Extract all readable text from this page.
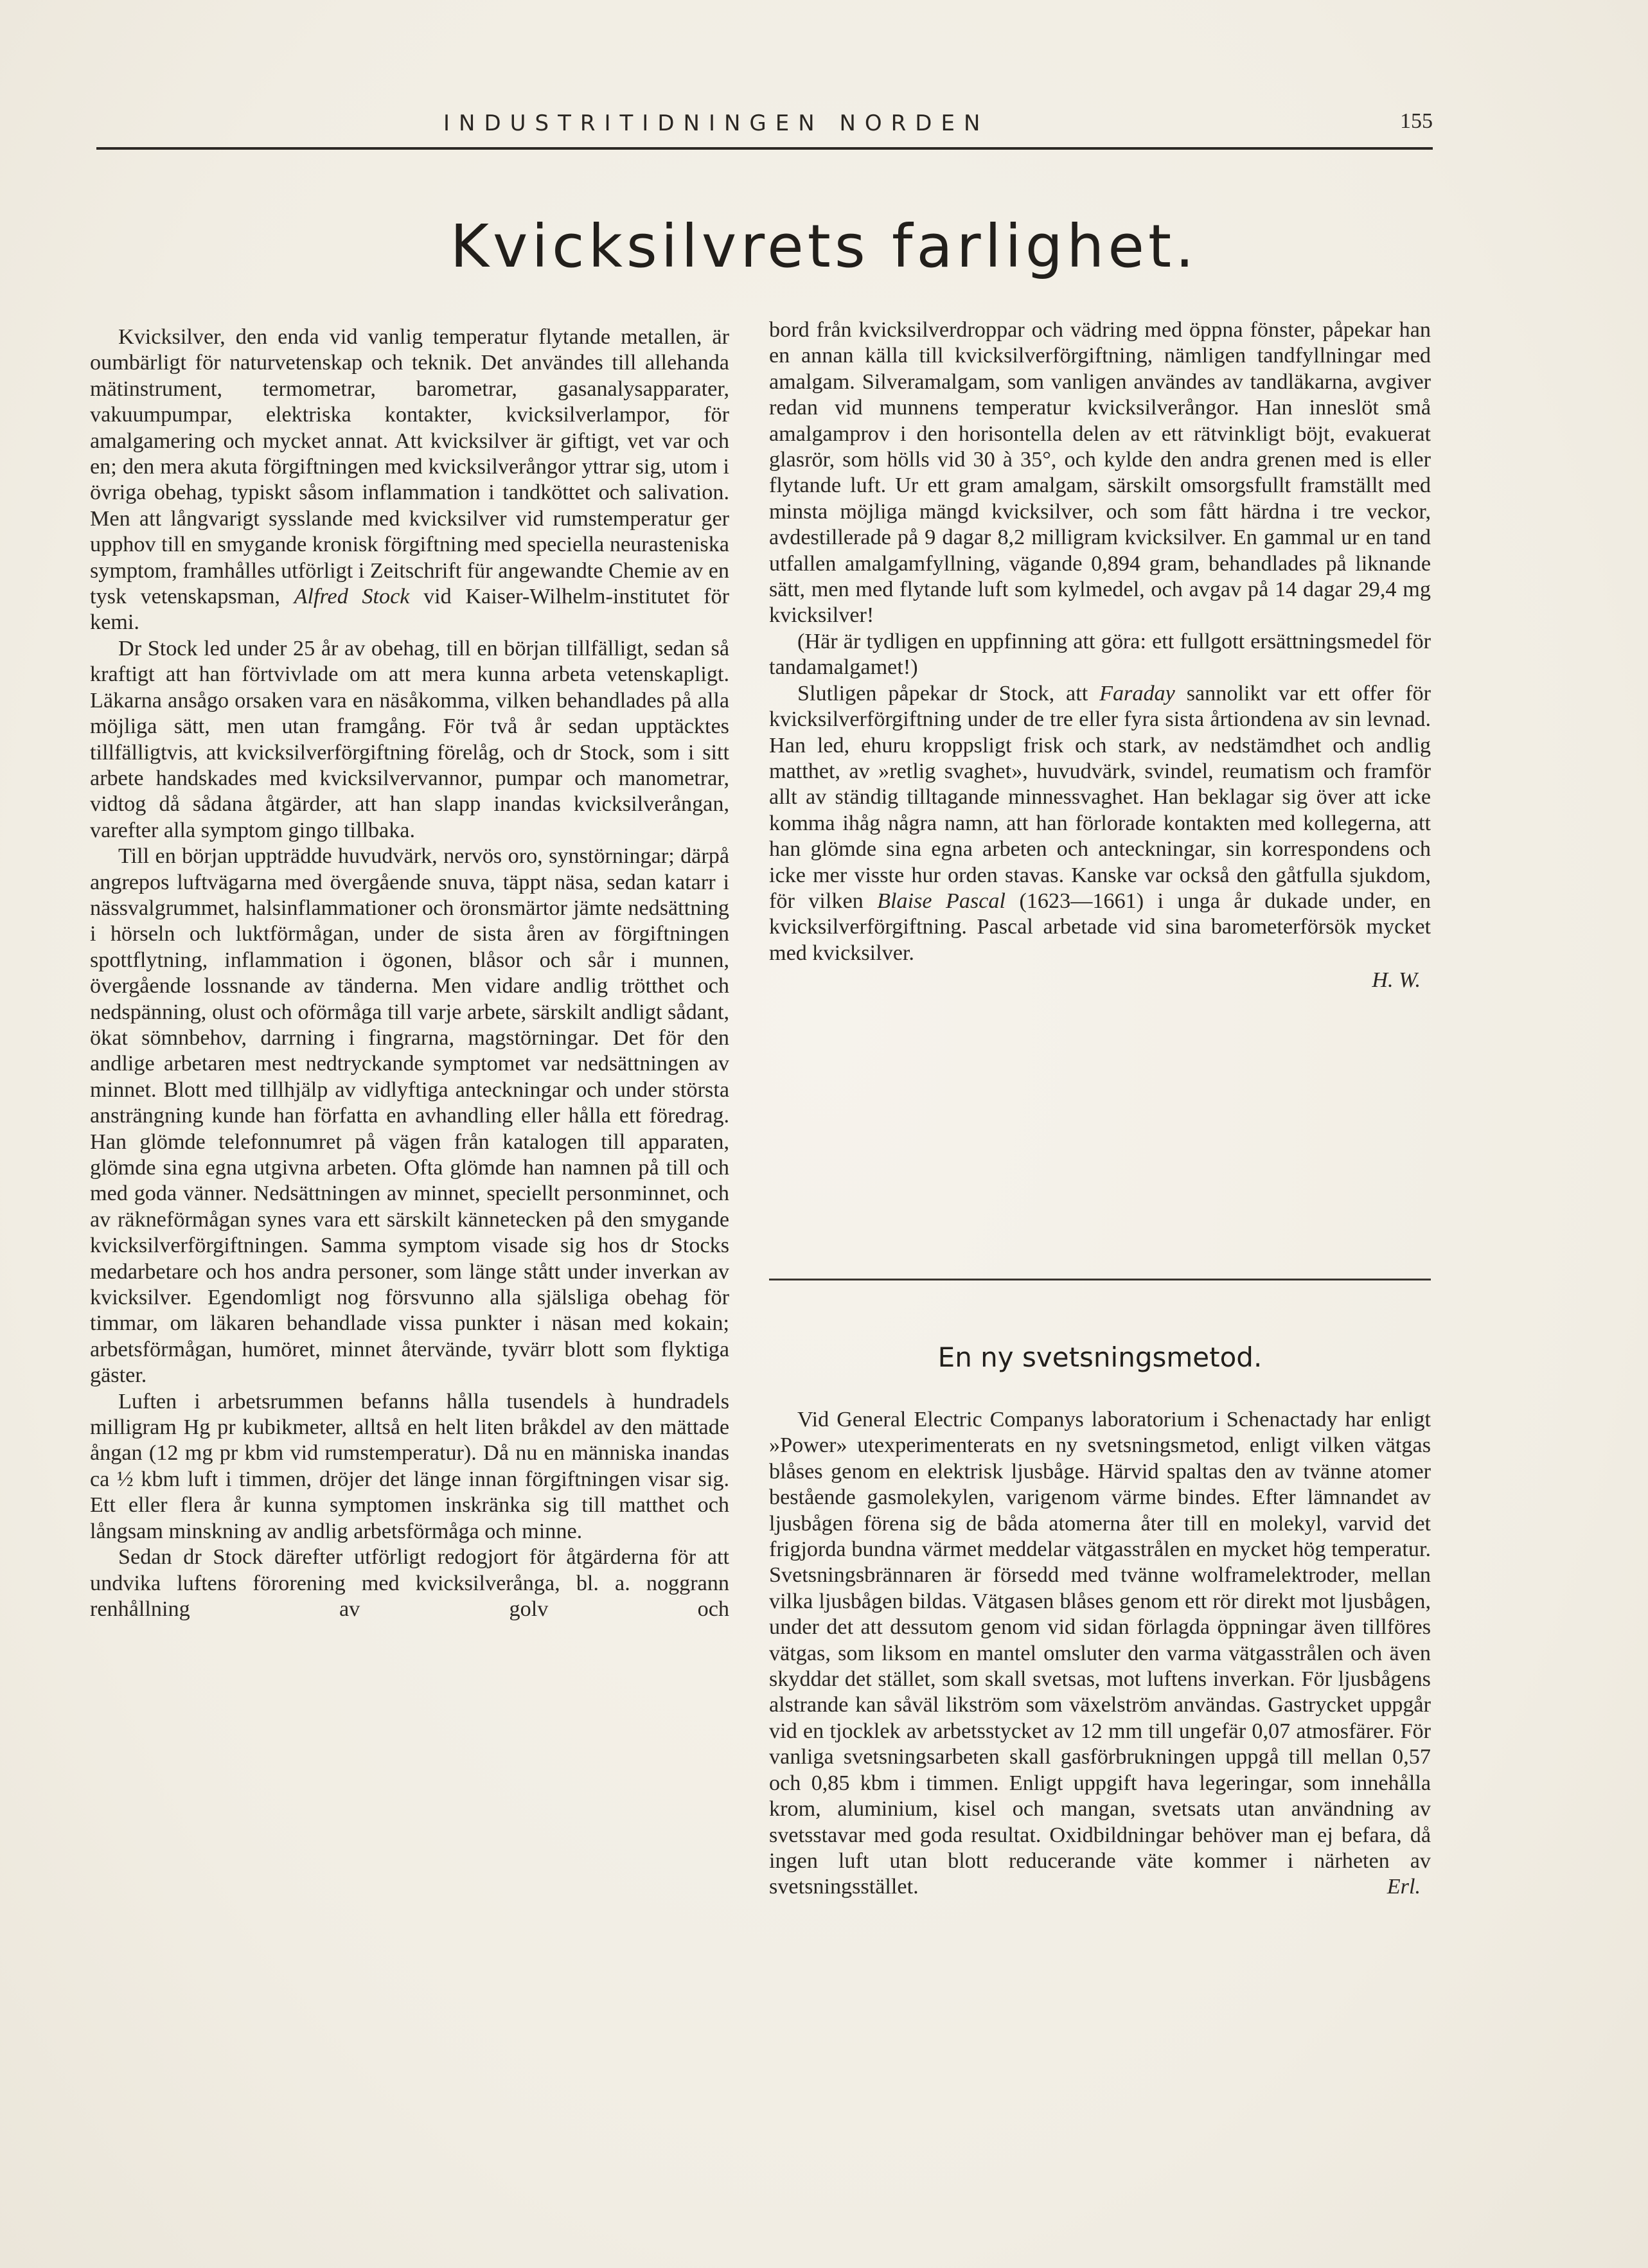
INDUSTRITIDNINGEN NORDEN	155
Kvicksilvrets farlighet.

Kvicksilver, den enda vid vanlig temperatur flytande metallen, är oumbärligt för naturvetenskap och teknik. Det användes till allehanda mätinstrument, termometrar, barometrar, gasanalysapparater, vakuumpumpar, elektriska kontakter, kvicksilverlampor, för amalgamering och mycket annat. Att kvicksilver är giftigt, vet var och en; den mera akuta förgiftningen med kvicksilverångor yttrar sig, utom i övriga obehag, typiskt såsom inflammation i tandköttet och salivation. Men att långvarigt sysslande med kvicksilver vid rumstemperatur ger upphov till en smygande kronisk förgiftning med speciella neurasteniska symptom, framhålles utförligt i Zeitschrift für angewandte Chemie av en tysk vetenskapsman, Alfred Stock vid Kaiser-Wilhelm-institutet för kemi.

Dr Stock led under 25 år av obehag, till en början tillfälligt, sedan så kraftigt att han förtvivlade om att mera kunna arbeta vetenskapligt. Läkarna ansågo orsaken vara en näsåkomma, vilken behandlades på alla möjliga sätt, men utan framgång. För två år sedan upptäcktes tillfälligtvis, att kvicksilverförgiftning förelåg, och dr Stock, som i sitt arbete handskades med kvicksilvervannor, pumpar och manometrar, vidtog då sådana åtgärder, att han slapp inandas kvicksilverångan, varefter alla symptom gingo tillbaka.

Till en början uppträdde huvudvärk, nervös oro, synstörningar; därpå angrepos luftvägarna med övergående snuva, täppt näsa, sedan katarr i nässvalgrummet, halsinflammationer och öronsmärtor jämte nedsättning i hörseln och luktförmågan, under de sista åren av förgiftningen spottflytning, inflammation i ögonen, blåsor och sår i munnen, övergående lossnande av tänderna. Men vidare andlig trötthet och nedspänning, olust och oförmåga till varje arbete, särskilt andligt sådant, ökat sömnbehov, darrning i fingrarna, magstörningar. Det för den andlige arbetaren mest nedtryckande symptomet var nedsättningen av minnet. Blott med tillhjälp av vidlyftiga anteckningar och under största ansträngning kunde han författa en avhandling eller hålla ett föredrag. Han glömde telefonnumret på vägen från katalogen till apparaten, glömde sina egna utgivna arbeten. Ofta glömde han namnen på till och med goda vänner. Nedsättningen av minnet, speciellt personminnet, och av räkneförmågan synes vara ett särskilt kännetecken på den smygande kvicksilverförgiftningen. Samma symptom visade sig hos dr Stocks medarbetare och hos andra personer, som länge stått under inverkan av kvicksilver. Egendomligt nog försvunno alla själsliga obehag för timmar, om läkaren behandlade vissa punkter i näsan med kokain; arbetsförmågan, humöret, minnet återvände, tyvärr blott som flyktiga gäster.

Luften i arbetsrummen befanns hålla tusendels à hundradels milligram Hg pr kubikmeter, alltså en helt liten bråkdel av den mättade ångan (12 mg pr kbm vid rumstemperatur). Då nu en människa inandas ca ½ kbm luft i timmen, dröjer det länge innan förgiftningen visar sig. Ett eller flera år kunna symptomen inskränka sig till matthet och långsam minskning av andlig arbetsförmåga och minne.

Sedan dr Stock därefter utförligt redogjort för åtgärderna för att undvika luftens förorening med kvicksilverånga, bl. a. noggrann renhållning av golv och

bord från kvicksilverdroppar och vädring med öppna fönster, påpekar han en annan källa till kvicksilverförgiftning, nämligen tandfyllningar med amalgam. Silveramalgam, som vanligen användes av tandläkarna, avgiver redan vid munnens temperatur kvicksilverångor. Han inneslöt små amalgamprov i den horisontella delen av ett rätvinkligt böjt, evakuerat glasrör, som hölls vid 30 à 35°, och kylde den andra grenen med is eller flytande luft. Ur ett gram amalgam, särskilt omsorgsfullt framställt med minsta möjliga mängd kvicksilver, och som fått härdna i tre veckor, avdestillerade på 9 dagar 8,2 milligram kvicksilver. En gammal ur en tand utfallen amalgamfyllning, vägande 0,894 gram, behandlades på liknande sätt, men med flytande luft som kylmedel, och avgav på 14 dagar 29,4 mg kvicksilver!

(Här är tydligen en uppfinning att göra: ett fullgott ersättningsmedel för tandamalgamet!)

Slutligen påpekar dr Stock, att Faraday sannolikt var ett offer för kvicksilverförgiftning under de tre eller fyra sista årtiondena av sin levnad. Han led, ehuru kroppsligt frisk och stark, av nedstämdhet och andlig matthet, av »retlig svaghet», huvudvärk, svindel, reumatism och framför allt av ständig tilltagande minnessvaghet. Han beklagar sig över att icke komma ihåg några namn, att han förlorade kontakten med kollegerna, att han glömde sina egna arbeten och anteckningar, sin korrespondens och icke mer visste hur orden stavas. Kanske var också den gåtfulla sjukdom, för vilken Blaise Pascal (1623—1661) i unga år dukade under, en kvicksilverförgiftning. Pascal arbetade vid sina barometerförsök mycket med kvicksilver.

H. W.
En ny svetsningsmetod.

Vid General Electric Companys laboratorium i Schenactady har enligt »Power» utexperimenterats en ny svetsningsmetod, enligt vilken vätgas blåses genom en elektrisk ljusbåge. Härvid spaltas den av tvänne atomer bestående gasmolekylen, varigenom värme bindes. Efter lämnandet av ljusbågen förena sig de båda atomerna åter till en molekyl, varvid det frigjorda bundna värmet meddelar vätgasstrålen en mycket hög temperatur. Svetsningsbrännaren är försedd med tvänne wolframelektroder, mellan vilka ljusbågen bildas. Vätgasen blåses genom ett rör direkt mot ljusbågen, under det att dessutom genom vid sidan förlagda öppningar även tillföres vätgas, som liksom en mantel omsluter den varma vätgasstrålen och även skyddar det stället, som skall svetsas, mot luftens inverkan. För ljusbågens alstrande kan såväl likström som växelström användas. Gastrycket uppgår vid en tjocklek av arbetsstycket av 12 mm till ungefär 0,07 atmosfärer. För vanliga svetsningsarbeten skall gasförbrukningen uppgå till mellan 0,57 och 0,85 kbm i timmen. Enligt uppgift hava legeringar, som innehålla krom, aluminium, kisel och mangan, svetsats utan användning av svetsstavar med goda resultat. Oxidbildningar behöver man ej befara, då ingen luft utan blott reducerande väte kommer i närheten av svetsningsstället.	Erl.
